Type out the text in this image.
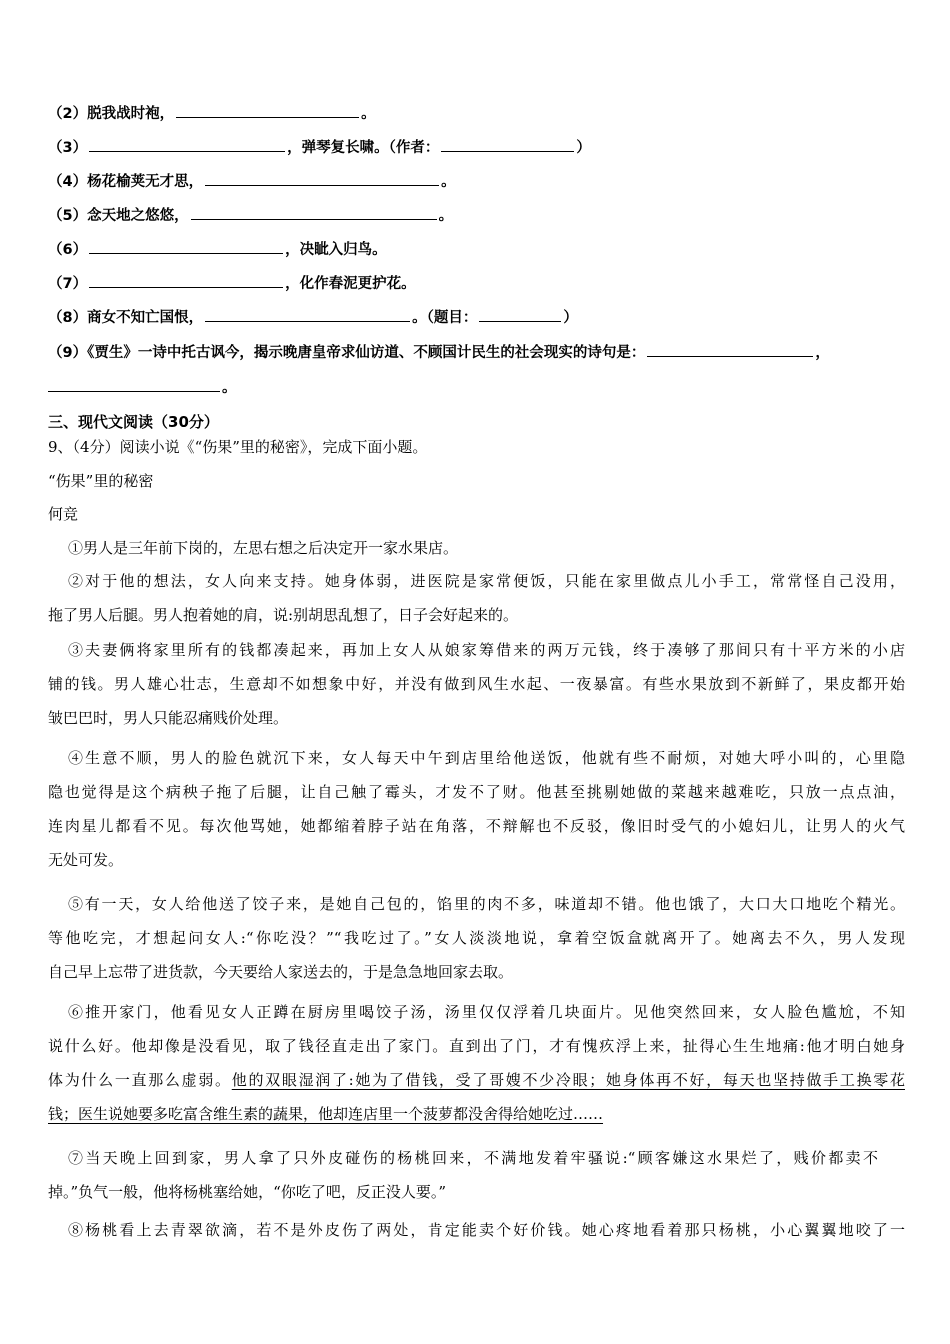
（2）脱我战时袍，	。
（3）	，弹琴复长啸。（作者：	）
（4）杨花榆荚无才思，	。
（5）念天地之悠悠，	。
（6）	，决眦入归鸟。
（7）	，化作春泥更护花。
（8）商女不知亡国恨，	。（题目：	）
（9）《贾生》一诗中托古讽今，揭示晚唐皇帝求仙访道、不顾国计民生的社会现实的诗句是：	，
。
三、现代文阅读（30分）
9、（4分）阅读小说《“伤果”里的秘密》，完成下面小题。
“伤果”里的秘密
何竞
①男人是三年前下岗的，左思右想之后决定开一家水果店。
②对于他的想法，女人向来支持。她身体弱，进医院是家常便饭，只能在家里做点儿小手工，常常怪自己没用，
拖了男人后腿。男人抱着她的肩，说:别胡思乱想了，日子会好起来的。
③夫妻俩将家里所有的钱都凑起来，再加上女人从娘家筹借来的两万元钱，终于凑够了那间只有十平方米的小店
铺的钱。男人雄心壮志，生意却不如想象中好，并没有做到风生水起、一夜暴富。有些水果放到不新鲜了，果皮都开始
皱巴巴时，男人只能忍痛贱价处理。
④生意不顺，男人的脸色就沉下来，女人每天中午到店里给他送饭，他就有些不耐烦，对她大呼小叫的，心里隐
隐也觉得是这个病秧子拖了后腿，让自己触了霉头，才发不了财。他甚至挑剔她做的菜越来越难吃，只放一点点油，
连肉星儿都看不见。每次他骂她，她都缩着脖子站在角落，不辩解也不反驳，像旧时受气的小媳妇儿，让男人的火气
无处可发。
⑤有一天，女人给他送了饺子来，是她自己包的，馅里的肉不多，味道却不错。他也饿了，大口大口地吃个精光。
等他吃完，才想起问女人:“你吃没？”“我吃过了。”女人淡淡地说，拿着空饭盒就离开了。她离去不久，男人发现
自己早上忘带了进货款，今天要给人家送去的，于是急急地回家去取。
⑥推开家门，他看见女人正蹲在厨房里喝饺子汤，汤里仅仅浮着几块面片。见他突然回来，女人脸色尴尬，不知
说什么好。他却像是没看见，取了钱径直走出了家门。直到出了门，才有愧疚浮上来，扯得心生生地痛:他才明白她身
体为什么一直那么虚弱。他的双眼湿润了:她为了借钱，受了哥嫂不少冷眼；她身体再不好，每天也坚持做手工换零花
钱；医生说她要多吃富含维生素的蔬果，他却连店里一个菠萝都没舍得给她吃过……
⑦当天晚上回到家，男人拿了只外皮碰伤的杨桃回来，不满地发着牢骚说:“顾客嫌这水果烂了，贱价都卖不
掉。”负气一般，他将杨桃塞给她，“你吃了吧，反正没人要。”
⑧杨桃看上去青翠欲滴，若不是外皮伤了两处，肯定能卖个好价钱。她心疼地看着那只杨桃，小心翼翼地咬了一
